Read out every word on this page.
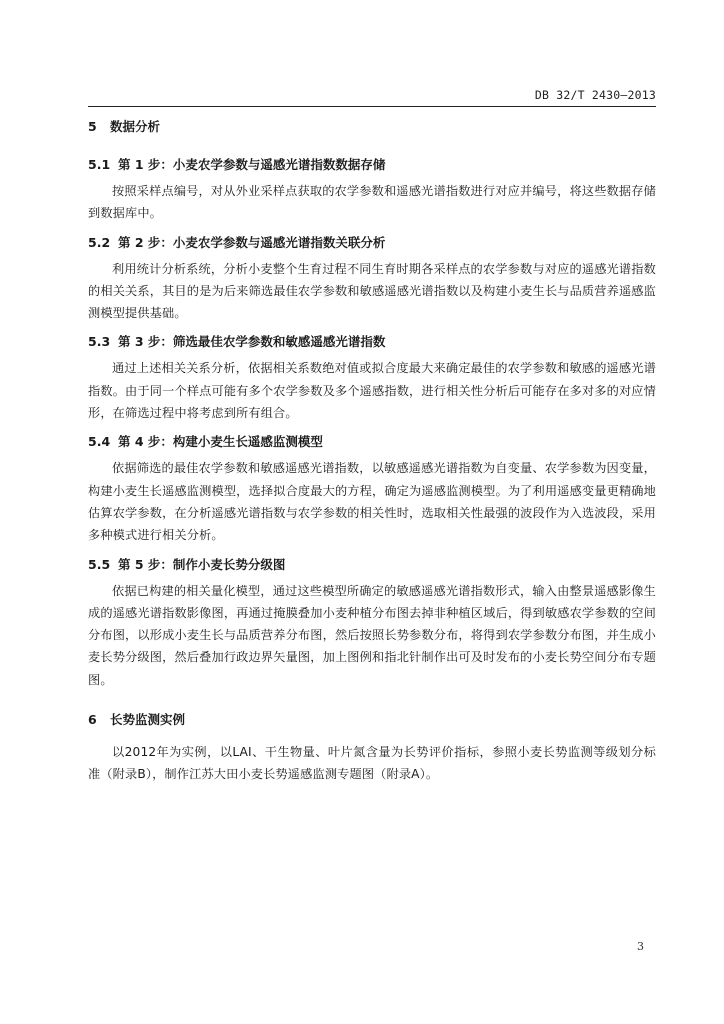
DB 32/T 2430—2013
5 数据分析
5.1 第 1 步：小麦农学参数与遥感光谱指数数据存储

按照采样点编号，对从外业采样点获取的农学参数和遥感光谱指数进行对应并编号，将这些数据存储到数据库中。

5.2 第 2 步：小麦农学参数与遥感光谱指数关联分析

利用统计分析系统，分析小麦整个生育过程不同生育时期各采样点的农学参数与对应的遥感光谱指数的相关关系，其目的是为后来筛选最佳农学参数和敏感遥感光谱指数以及构建小麦生长与品质营养遥感监测模型提供基础。

5.3 第 3 步：筛选最佳农学参数和敏感遥感光谱指数

通过上述相关关系分析，依据相关系数绝对值或拟合度最大来确定最佳的农学参数和敏感的遥感光谱指数。由于同一个样点可能有多个农学参数及多个遥感指数，进行相关性分析后可能存在多对多的对应情形，在筛选过程中将考虑到所有组合。

5.4 第 4 步：构建小麦生长遥感监测模型

依据筛选的最佳农学参数和敏感遥感光谱指数，以敏感遥感光谱指数为自变量、农学参数为因变量，构建小麦生长遥感监测模型，选择拟合度最大的方程，确定为遥感监测模型。为了利用遥感变量更精确地估算农学参数，在分析遥感光谱指数与农学参数的相关性时，选取相关性最强的波段作为入选波段，采用多种模式进行相关分析。

5.5 第 5 步：制作小麦长势分级图

依据已构建的相关量化模型，通过这些模型所确定的敏感遥感光谱指数形式，输入由整景遥感影像生成的遥感光谱指数影像图，再通过掩膜叠加小麦种植分布图去掉非种植区域后，得到敏感农学参数的空间分布图，以形成小麦生长与品质营养分布图，然后按照长势参数分布，将得到农学参数分布图，并生成小麦长势分级图，然后叠加行政边界矢量图，加上图例和指北针制作出可及时发布的小麦长势空间分布专题图。

6 长势监测实例

以2012年为实例，以LAI、干生物量、叶片氮含量为长势评价指标，参照小麦长势监测等级划分标准（附录B），制作江苏大田小麦长势遥感监测专题图（附录A）。

3
